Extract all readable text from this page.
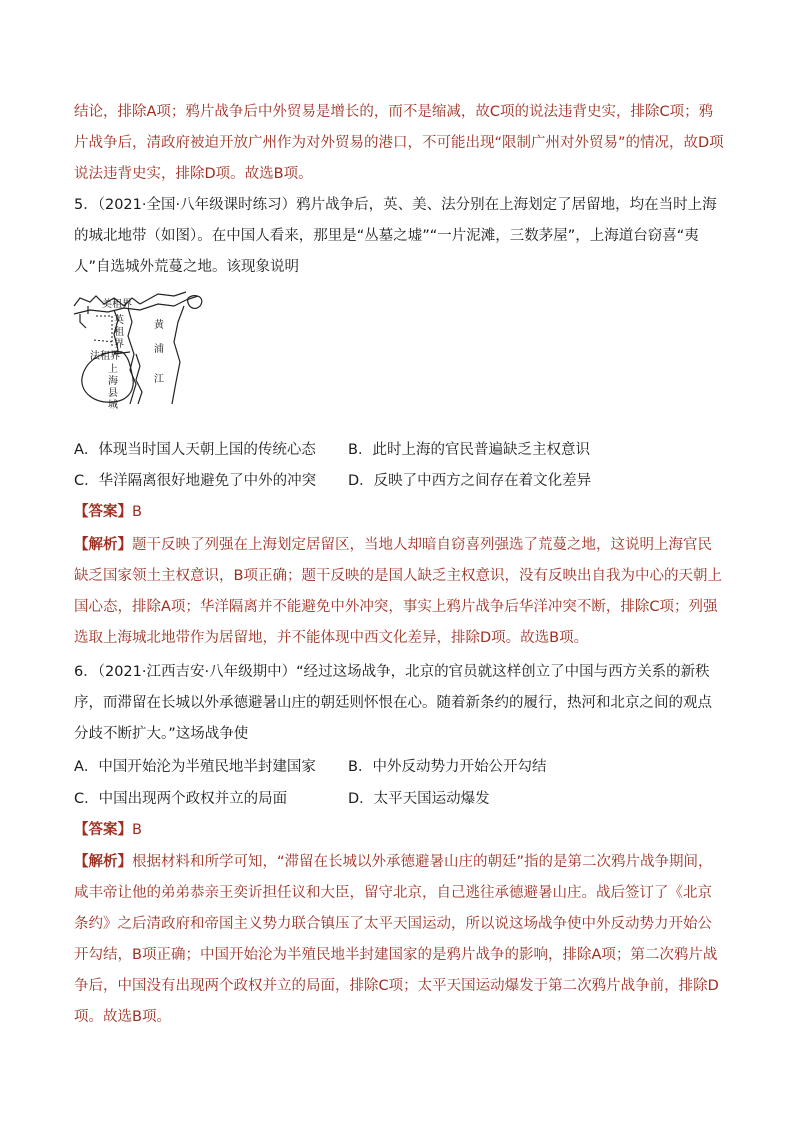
结论，排除A项；鸦片战争后中外贸易是增长的，而不是缩减，故C项的说法违背史实，排除C项；鸦片战争后，清政府被迫开放广州作为对外贸易的港口，不可能出现“限制广州对外贸易”的情况，故D项说法违背史实，排除D项。故选B项。

5．（2021·全国·八年级课时练习）鸦片战争后，英、美、法分别在上海划定了居留地，均在当时上海的城北地带（如图）。在中国人看来，那里是“丛墓之墟”“一片泥滩，三数茅屋”，上海道台窃喜“夷人”自选城外荒蔓之地。该现象说明

美租界
英
租
界
法租界
上
海
县
城
黄
浦
江
A．体现当时国人天朝上国的传统心态 B．此时上海的官民普遍缺乏主权意识
C．华洋隔离很好地避免了中外的冲突 D．反映了中西方之间存在着文化差异
【答案】B

【解析】题干反映了列强在上海划定居留区，当地人却暗自窃喜列强选了荒蔓之地，这说明上海官民缺乏国家领土主权意识，B项正确；题干反映的是国人缺乏主权意识，没有反映出自我为中心的天朝上国心态，排除A项；华洋隔离并不能避免中外冲突，事实上鸦片战争后华洋冲突不断，排除C项；列强选取上海城北地带作为居留地，并不能体现中西文化差异，排除D项。故选B项。

6．（2021·江西吉安·八年级期中）“经过这场战争，北京的官员就这样创立了中国与西方关系的新秩序，而滞留在长城以外承德避暑山庄的朝廷则怀恨在心。随着新条约的履行，热河和北京之间的观点分歧不断扩大。”这场战争使

A．中国开始沦为半殖民地半封建国家 B．中外反动势力开始公开勾结
C．中国出现两个政权并立的局面	D．太平天国运动爆发
【答案】B

【解析】根据材料和所学可知，“滞留在长城以外承德避暑山庄的朝廷”指的是第二次鸦片战争期间，咸丰帝让他的弟弟恭亲王奕䜣担任议和大臣，留守北京，自己逃往承德避暑山庄。战后签订了《北京条约》之后清政府和帝国主义势力联合镇压了太平天国运动，所以说这场战争使中外反动势力开始公开勾结，B项正确；中国开始沦为半殖民地半封建国家的是鸦片战争的影响，排除A项；第二次鸦片战争后，中国没有出现两个政权并立的局面，排除C项；太平天国运动爆发于第二次鸦片战争前，排除D项。故选B项。
